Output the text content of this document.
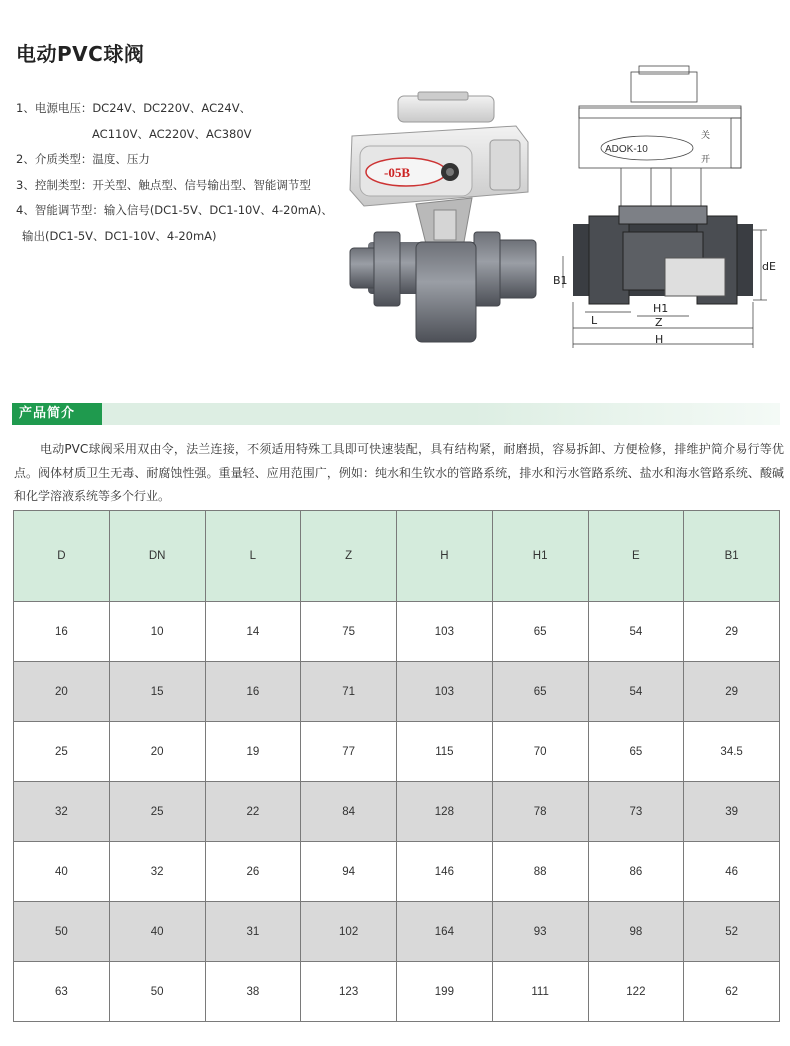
电动PVC球阀
1、电源电压：DC24V、DC220V、AC24V、
AC110V、AC220V、AC380V
2、介质类型：温度、压力
3、控制类型：开关型、触点型、信号输出型、智能调节型
4、智能调节型：输入信号(DC1-5V、DC1-10V、4-20mA)、
输出(DC1-5V、DC1-10V、4-20mA)
-05B
ADOK-10
关
开
dE
B1
H1
L	Z
H
产品简介
电动PVC球阀采用双由令，法兰连接，不须适用特殊工具即可快速装配，具有结构紧，耐磨损，容易拆卸、方便检修，排维护简介易行等优点。阀体材质卫生无毒、耐腐蚀性强。重量轻、应用范围广，例如：纯水和生钦水的管路系统，排水和污水管路系统、盐水和海水管路系统、酸碱和化学溶液系统等多个行业。
D	DN	L	Z	H	H1	E	B1
16	10	14	75	103	65	54	29
20	15	16	71	103	65	54	29
25	20	19	77	115	70	65	34.5
32	25	22	84	128	78	73	39
40	32	26	94	146	88	86	46
50	40	31	102	164	93	98	52
63	50	38	123	199	111	122	62
